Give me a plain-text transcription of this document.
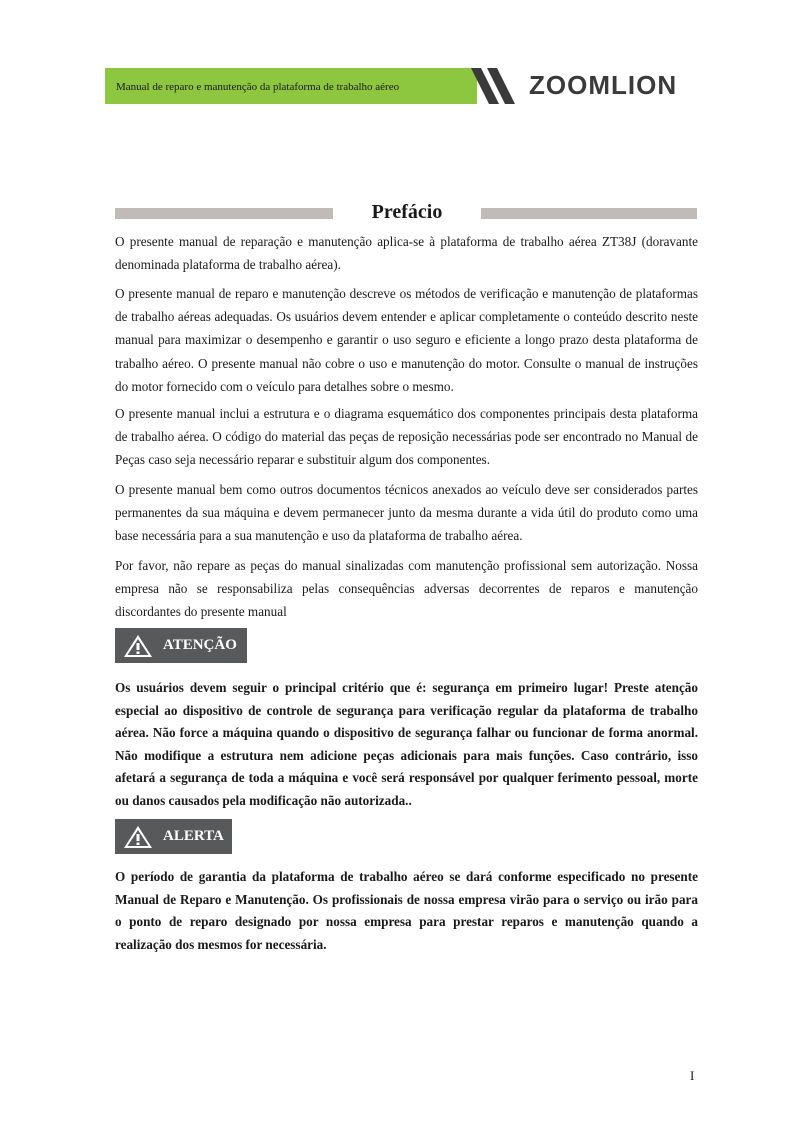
Manual de reparo e manutenção da plataforma de trabalho aéreo	ZOOMLION
Prefácio

O presente manual de reparação e manutenção aplica-se à plataforma de trabalho aérea ZT38J (doravante denominada plataforma de trabalho aérea).

O presente manual de reparo e manutenção descreve os métodos de verificação e manutenção de plataformas de trabalho aéreas adequadas. Os usuários devem entender e aplicar completamente o conteúdo descrito neste manual para maximizar o desempenho e garantir o uso seguro e eficiente a longo prazo desta plataforma de trabalho aéreo. O presente manual não cobre o uso e manutenção do motor. Consulte o manual de instruções do motor fornecido com o veículo para detalhes sobre o mesmo.

O presente manual inclui a estrutura e o diagrama esquemático dos componentes principais desta plataforma de trabalho aérea. O código do material das peças de reposição necessárias pode ser encontrado no Manual de Peças caso seja necessário reparar e substituir algum dos componentes.

O presente manual bem como outros documentos técnicos anexados ao veículo deve ser considerados partes permanentes da sua máquina e devem permanecer junto da mesma durante a vida útil do produto como uma base necessária para a sua manutenção e uso da plataforma de trabalho aérea.

Por favor, não repare as peças do manual sinalizadas com manutenção profissional sem autorização. Nossa empresa não se responsabiliza pelas consequências adversas decorrentes de reparos e manutenção discordantes do presente manual

ATENÇÃO

Os usuários devem seguir o principal critério que é: segurança em primeiro lugar! Preste atenção especial ao dispositivo de controle de segurança para verificação regular da plataforma de trabalho aérea. Não force a máquina quando o dispositivo de segurança falhar ou funcionar de forma anormal. Não modifique a estrutura nem adicione peças adicionais para mais funções. Caso contrário, isso afetará a segurança de toda a máquina e você será responsável por qualquer ferimento pessoal, morte ou danos causados pela modificação não autorizada..

ALERTA

O período de garantia da plataforma de trabalho aéreo se dará conforme especificado no presente Manual de Reparo e Manutenção. Os profissionais de nossa empresa virão para o serviço ou irão para o ponto de reparo designado por nossa empresa para prestar reparos e manutenção quando a realização dos mesmos for necessária.

I
